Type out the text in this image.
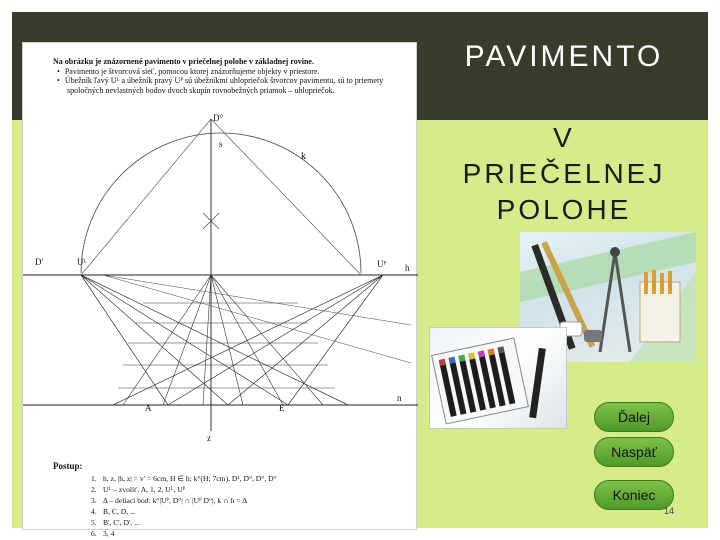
Na obrázku je znázornené pavimento v priečelnej polohe v základnej rovine.
• Pavimento je štvorcová sieť, pomocou ktorej znázorňujeme objekty v priestore.
• Úbežník ľavý Uᴸ a úbežník pravý Uᴾ sú úbežníkmi uhlopriečok štvorcov pavimentu, sú to priemety spoločných nevlastných bodov dvoch skupín rovnobežných priamok – uhlopriečok.
D°
s
k
D'	Uᴸ	Uᴾ h
A
z
E
n
Postup:
1. h, z, |h, z| = v' = 6cm, H ∈ h; k°(H; 7cm), D¹, D°, D°, D°
2. Uᴸ – zvolíť, A, 1, 2, Uᴸ, Uᴾ
3. Δ – deliaci bod: k°|Uᴾ, D°| ∩ |Uᴾ D°|, k ∩ h = Δ
4. B, C, D, ...
5. B', C', D', ...
6. 3, 4
PAVIMENTO
V
PRIEČELNEJ
POLOHE
Ďalej
Naspäť
Koniec
14
